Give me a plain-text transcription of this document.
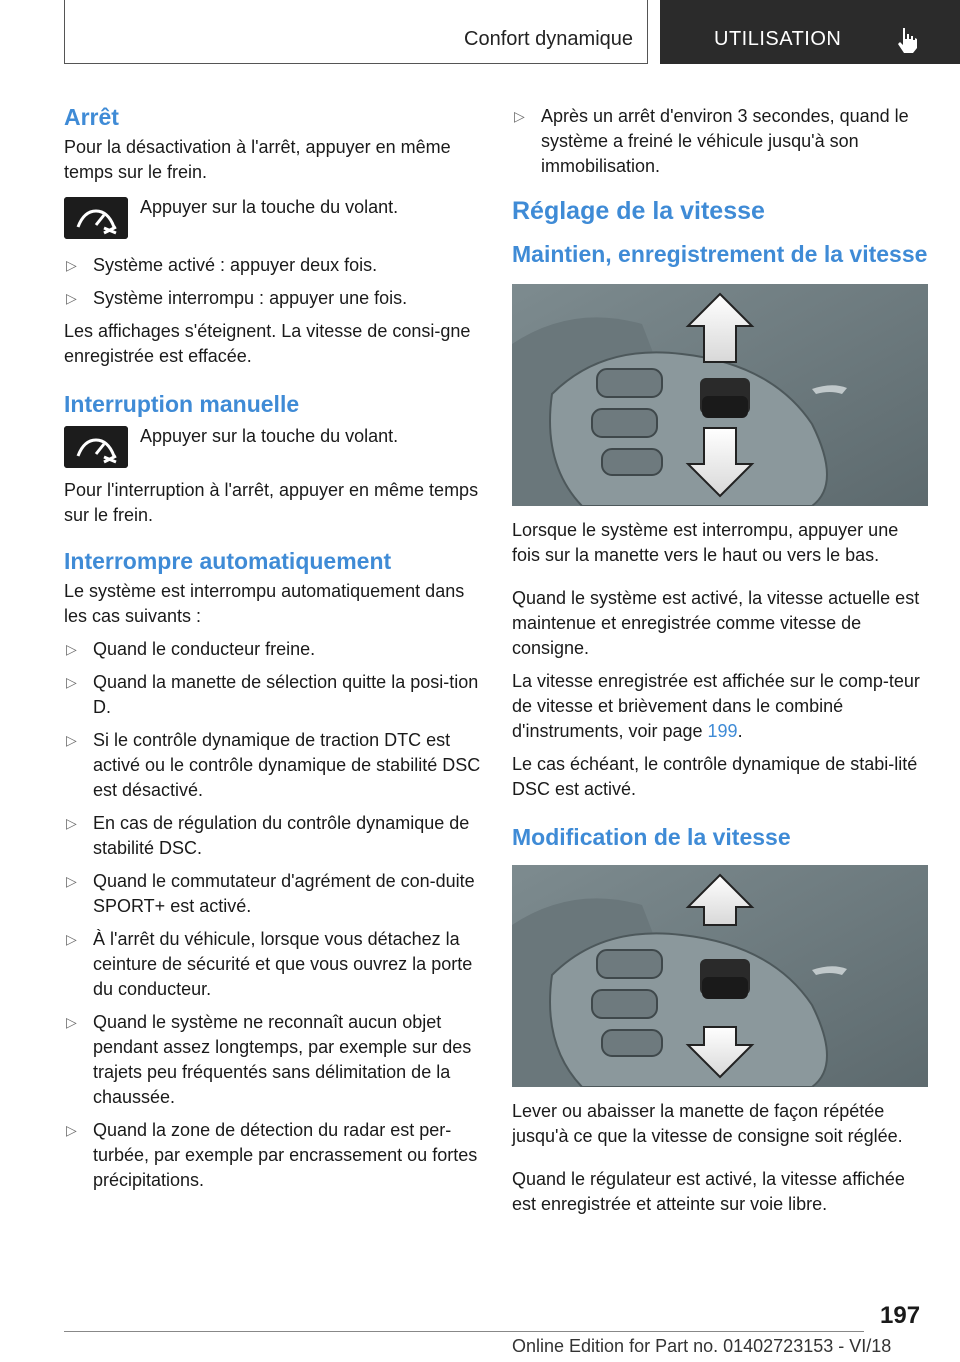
Confort dynamique	UTILISATION
Arrêt

Pour la désactivation à l'arrêt, appuyer en même temps sur le frein.

Appuyer sur la touche du volant.

▷ Système activé : appuyer deux fois.
▷ Système interrompu : appuyer une fois.

Les affichages s'éteignent. La vitesse de consi-gne enregistrée est effacée.

Interruption manuelle

Appuyer sur la touche du volant.

Pour l'interruption à l'arrêt, appuyer en même temps sur le frein.

Interrompre automatiquement

Le système est interrompu automatiquement dans les cas suivants :

▷ Quand le conducteur freine.
▷ Quand la manette de sélection quitte la posi-tion D.
▷ Si le contrôle dynamique de traction DTC est activé ou le contrôle dynamique de stabilité DSC est désactivé.
▷ En cas de régulation du contrôle dynamique de stabilité DSC.
▷ Quand le commutateur d'agrément de con-duite SPORT+ est activé.
▷ À l'arrêt du véhicule, lorsque vous détachez la ceinture de sécurité et que vous ouvrez la porte du conducteur.
▷ Quand le système ne reconnaît aucun objet pendant assez longtemps, par exemple sur des trajets peu fréquentés sans délimitation de la chaussée.
▷ Quand la zone de détection du radar est per-turbée, par exemple par encrassement ou fortes précipitations.
▷ Après un arrêt d'environ 3 secondes, quand le système a freiné le véhicule jusqu'à son immobilisation.
Réglage de la vitesse
Maintien, enregistrement de la vitesse

Lorsque le système est interrompu, appuyer une fois sur la manette vers le haut ou vers le bas.

Quand le système est activé, la vitesse actuelle est maintenue et enregistrée comme vitesse de consigne.

La vitesse enregistrée est affichée sur le comp-teur de vitesse et brièvement dans le combiné d'instruments, voir page 199.

Le cas échéant, le contrôle dynamique de stabi-lité DSC est activé.

Modification de la vitesse

Lever ou abaisser la manette de façon répétée jusqu'à ce que la vitesse de consigne soit réglée.

Quand le régulateur est activé, la vitesse affichée est enregistrée et atteinte sur voie libre.

197
Online Edition for Part no. 01402723153 - VI/18
